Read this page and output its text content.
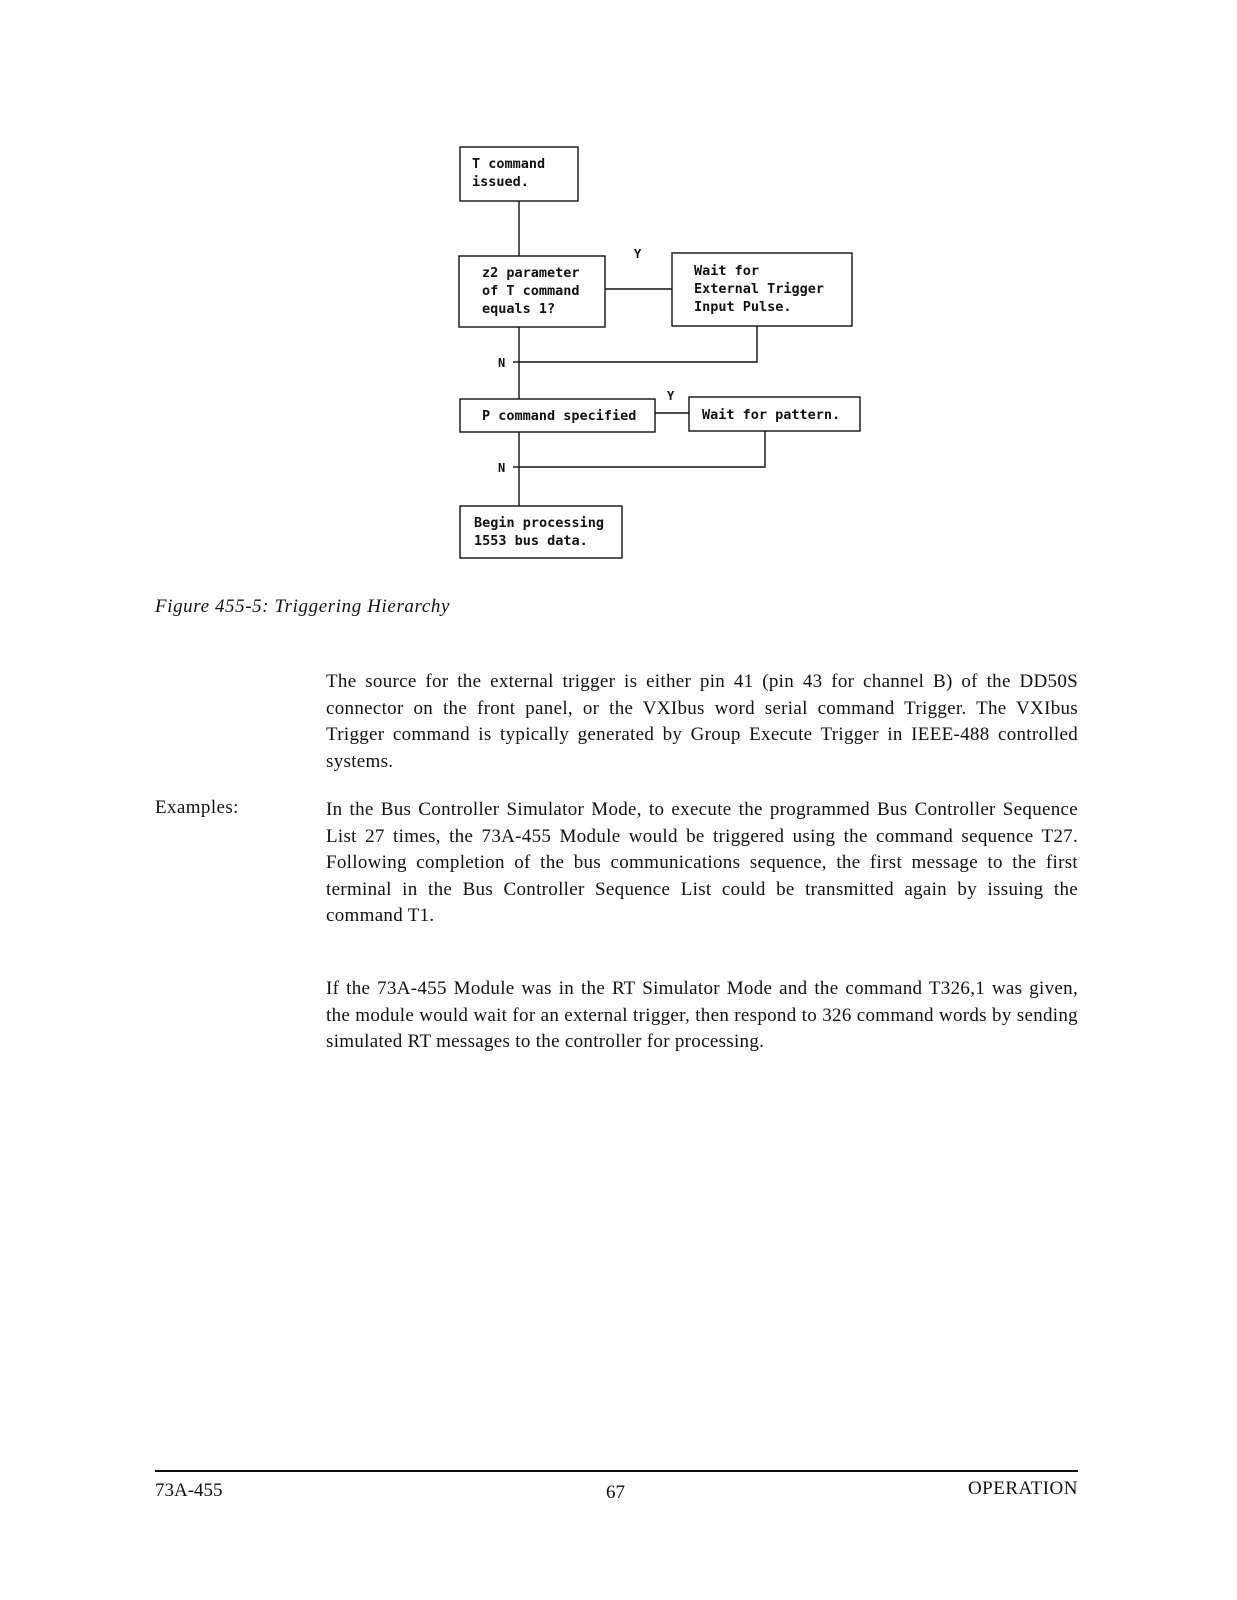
T command
issued.
z2 parameter
of T command
equals 1?
Wait for
External Trigger
Input Pulse.
P command specified	Wait for pattern.
Begin processing
1553 bus data.
Y
N
Y
N
Figure 455-5: Triggering Hierarchy

The source for the external trigger is either pin 41 (pin 43 for channel B) of the DD50S connector on the front panel, or the VXIbus word serial command Trigger. The VXIbus Trigger command is typically generated by Group Execute Trigger in IEEE-488 controlled systems.

Examples:	In the Bus Controller Simulator Mode, to execute the programmed Bus Controller Sequence List 27 times, the 73A-455 Module would be triggered using the command sequence T27. Following completion of the bus communications sequence, the first message to the first terminal in the Bus Controller Sequence List could be transmitted again by issuing the command T1.

If the 73A-455 Module was in the RT Simulator Mode and the command T326,1 was given, the module would wait for an external trigger, then respond to 326 command words by sending simulated RT messages to the controller for processing.

73A-455	67	OPERATION
